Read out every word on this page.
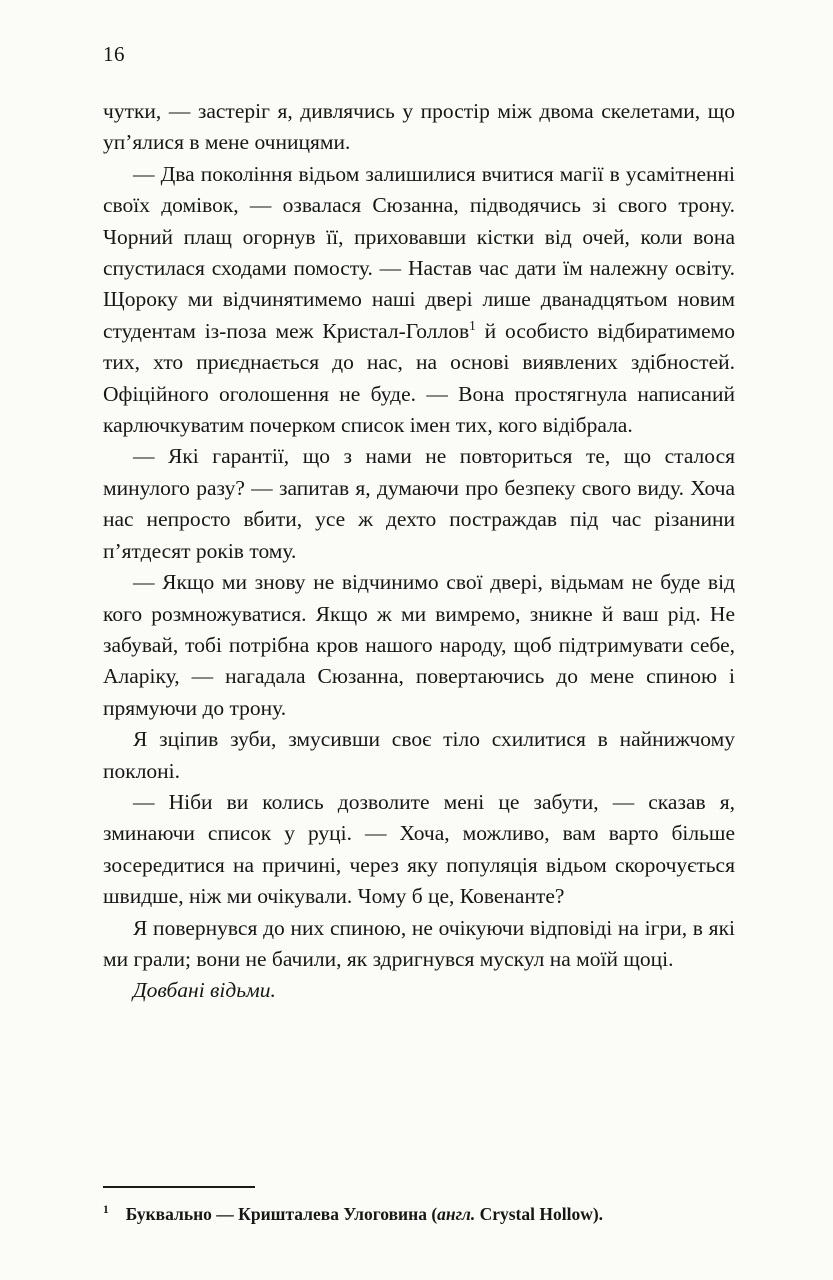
16

чутки, — застеріг я, дивлячись у простір між двома скелетами, що уп’ялися в мене очницями.

— Два покоління відьом залишилися вчитися магії в усамітненні своїх домівок, — озвалася Сюзанна, підводячись зі свого трону. Чорний плащ огорнув її, приховавши кістки від очей, коли вона спустилася сходами помосту. — Настав час дати їм належну освіту. Щороку ми відчинятимемо наші двері лише дванадцятьом новим студентам із-поза меж Кристал-Голлов$^1$ й особисто відбиратимемо тих, хто приєднається до нас, на основі виявлених здібностей. Офіційного оголошення не буде. — Вона простягнула написаний карлючкуватим почерком список імен тих, кого відібрала.

— Які гарантії, що з нами не повториться те, що сталося минулого разу? — запитав я, думаючи про безпеку свого виду. Хоча нас непросто вбити, усе ж дехто постраждав під час різанини п’ятдесят років тому.

— Якщо ми знову не відчинимо свої двері, відьмам не буде від кого розмножуватися. Якщо ж ми вимремо, зникне й ваш рід. Не забувай, тобі потрібна кров нашого народу, щоб підтримувати себе, Аларіку, — нагадала Сюзанна, повертаючись до мене спиною і прямуючи до трону.

Я зціпив зуби, змусивши своє тіло схилитися в найнижчому поклоні.

— Ніби ви колись дозволите мені це забути, — сказав я, зминаючи список у руці. — Хоча, можливо, вам варто більше зосередитися на причині, через яку популяція відьом скорочується швидше, ніж ми очікували. Чому б це, Ковенанте?

Я повернувся до них спиною, не очікуючи відповіді на ігри, в які ми грали; вони не бачили, як здригнувся мускул на моїй щоці.

Довбані відьми.

$^1$ Буквально — Кришталева Улоговина (англ. Crystal Hollow).
